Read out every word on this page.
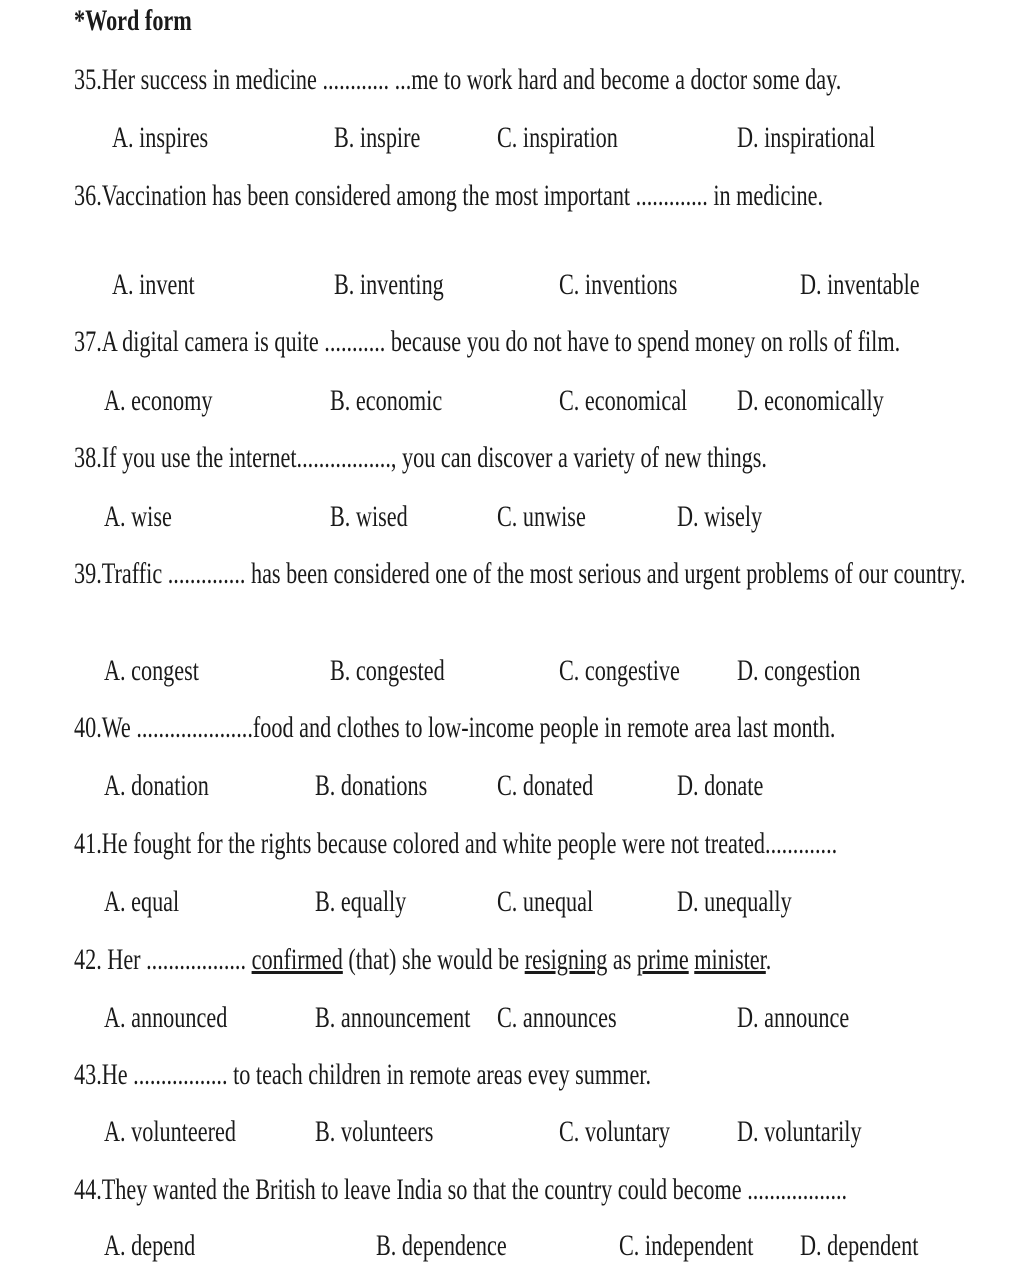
*Word form
35.Her success in medicine ............ ...me to work hard and become a doctor some day.
A. inspires	B. inspire	C. inspiration	D. inspirational
36.Vaccination has been considered among the most important ............. in medicine.
A. invent	B. inventing	C. inventions	D. inventable
37.A digital camera is quite ........... because you do not have to spend money on rolls of film.
A. economy	B. economic	C. economical D. economically
38.If you use the internet................., you can discover a variety of new things.
A. wise	B. wised	C. unwise	D. wisely
39.Traffic .............. has been considered one of the most serious and urgent problems of our country.
A. congest	B. congested	C. congestive D. congestion
40.We .....................food and clothes to low-income people in remote area last month.
A. donation	B. donations C. donated	D. donate
41.He fought for the rights because colored and white people were not treated.............
A. equal	B. equally	C. unequal	D. unequally
42. Her .................. confirmed (that) she would be resigning as prime minister.
A. announced	B. announcement C. announces	D. announce
43.He ................. to teach children in remote areas evey summer.
A. volunteered	B. volunteers	C. voluntary D. voluntarily
44.They wanted the British to leave India so that the country could become ..................
A. depend	B. dependence	C. independent D. dependent
